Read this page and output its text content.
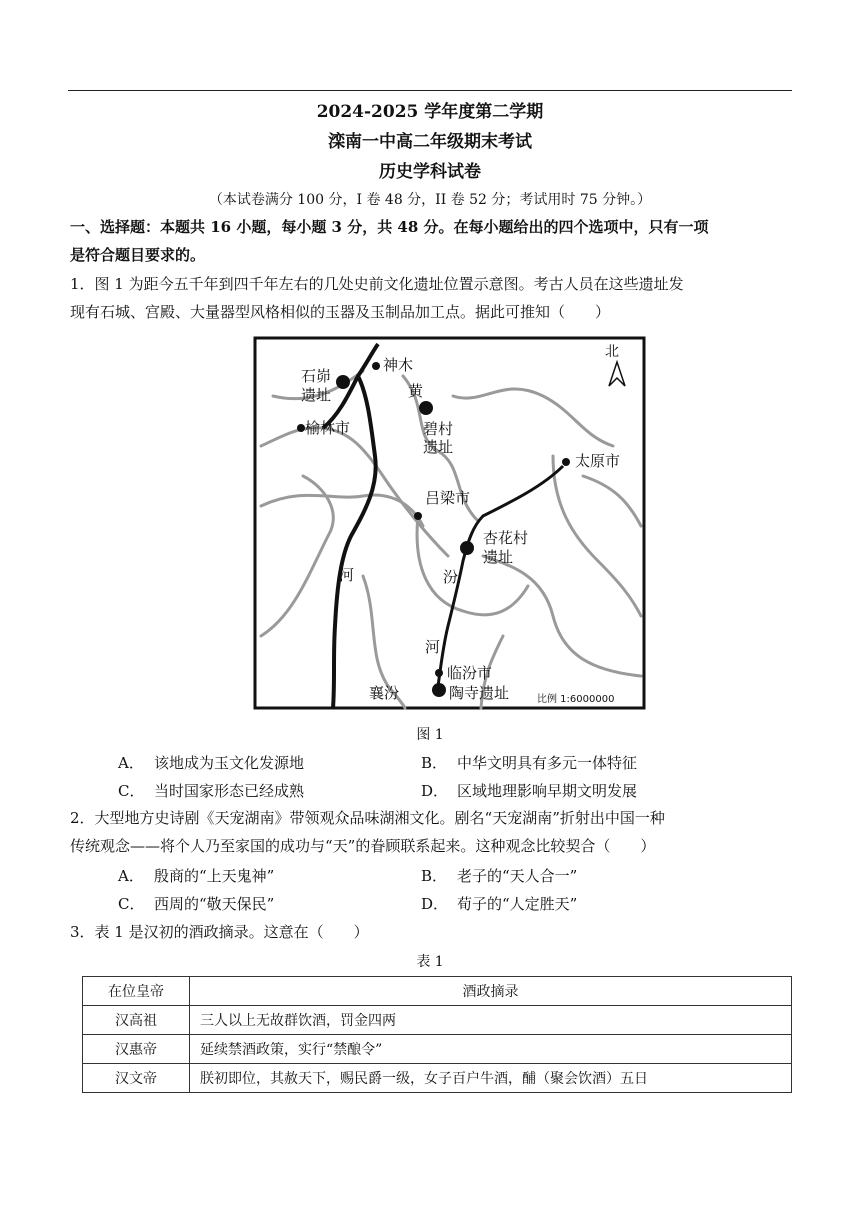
2024-2025 学年度第二学期
滦南一中高二年级期末考试
历史学科试卷
（本试卷满分 100 分，I 卷 48 分，II 卷 52 分；考试用时 75 分钟。）
一、选择题：本题共 16 小题，每小题 3 分，共 48 分。在每小题给出的四个选项中，只有一项
是符合题目要求的。
1．图 1 为距今五千年到四千年左右的几处史前文化遗址位置示意图。考古人员在这些遗址发
现有石城、宫殿、大量器型风格相似的玉器及玉制品加工点。据此可推知（　　）
北
神木
石峁
遗址	黄
碧村
遗址
榆林市
太原市
吕梁市
杏花村
遗址
河	汾
河
临汾市
襄汾	陶寺遗址	比例 1:6000000
图 1
A． 该地成为玉文化发源地	B． 中华文明具有多元一体特征
C． 当时国家形态已经成熟	D． 区域地理影响早期文明发展
2．大型地方史诗剧《天宠湖南》带领观众品味湖湘文化。剧名“天宠湖南”折射出中国一种
传统观念——将个人乃至家国的成功与“天”的眷顾联系起来。这种观念比较契合（　　）
A． 殷商的“上天鬼神”	B． 老子的“天人合一”
C． 西周的“敬天保民”	D． 荀子的“人定胜天”
3．表 1 是汉初的酒政摘录。这意在（　　）
表 1
在位皇帝	酒政摘录
汉高祖	三人以上无故群饮酒，罚金四两
汉惠帝	延续禁酒政策，实行“禁酿令”
汉文帝	朕初即位，其赦天下，赐民爵一级，女子百户牛酒，酺（聚会饮酒）五日
